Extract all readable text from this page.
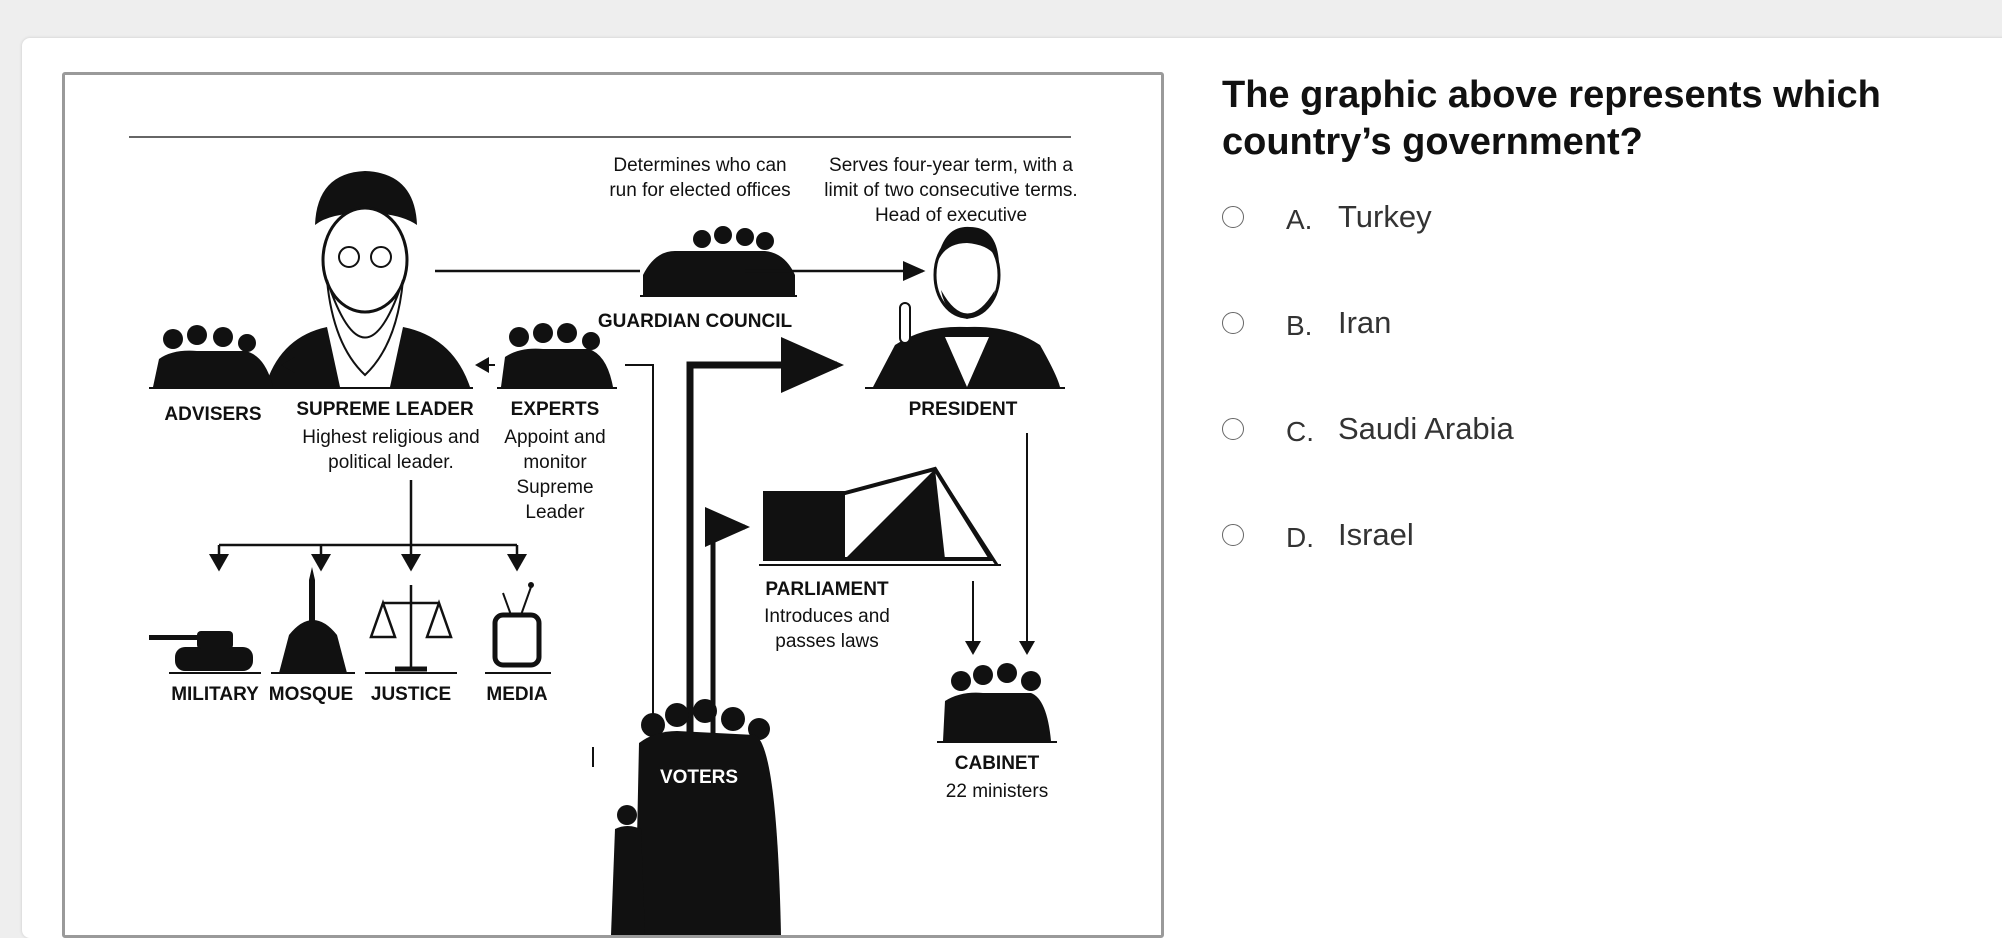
Determines who can
run for elected offices
GUARDIAN COUNCIL
Serves four-year term, with a
limit of two consecutive terms.
Head of executive
PRESIDENT
ADVISERS SUPREME LEADER
Highest religious and
political leader.
EXPERTS
Appoint and
monitor
Supreme
Leader
MILITARY MOSQUE JUSTICE MEDIA
PARLIAMENT
Introduces and
passes laws
CABINET
22 ministers
VOTERS
The graphic above represents which country’s government?
A. Turkey
B. Iran
C. Saudi Arabia
D. Israel
